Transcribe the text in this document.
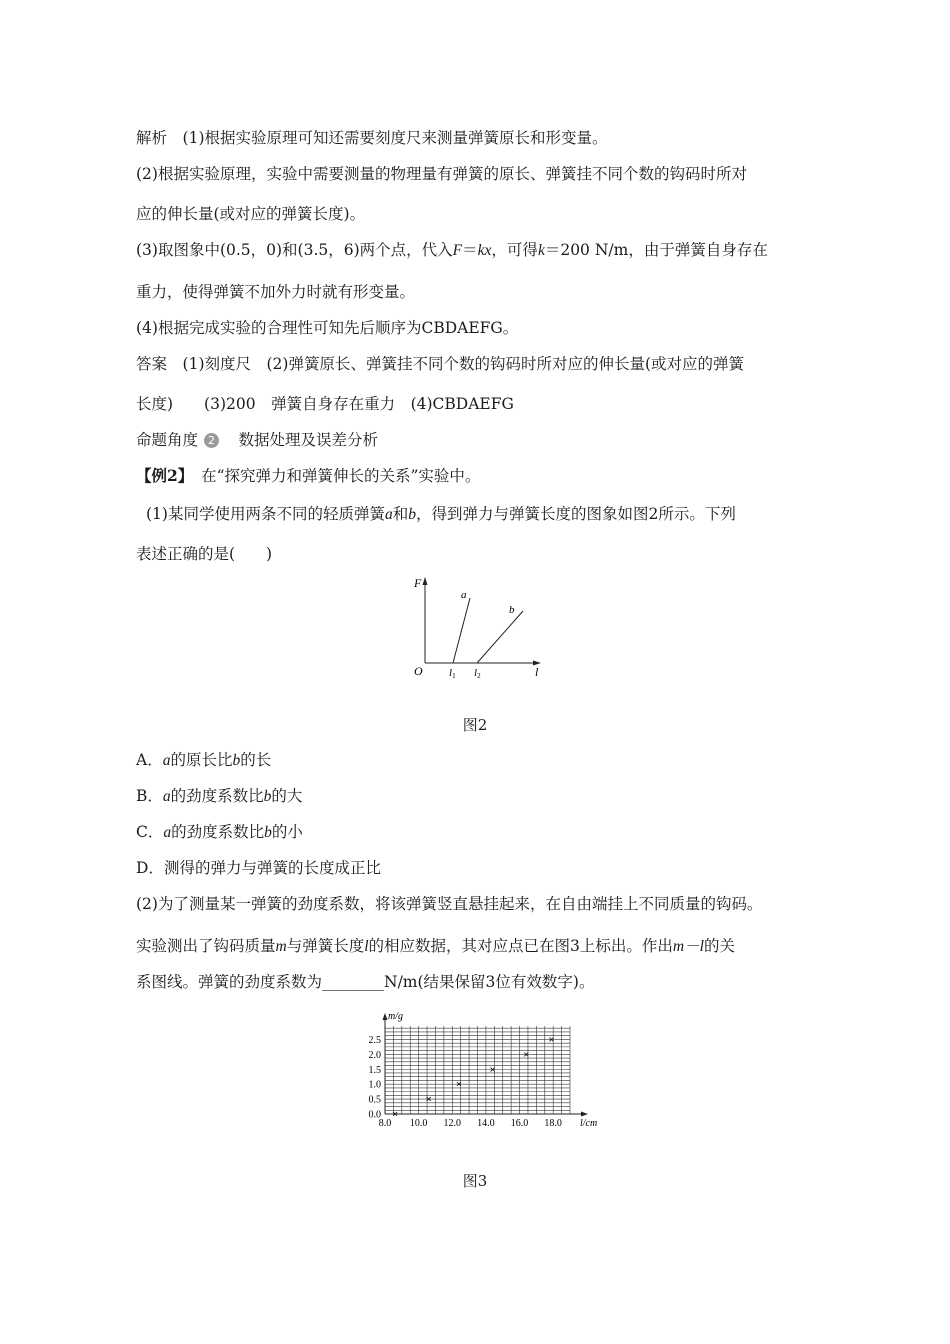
解析　 (1)根据实验原理可知还需要刻度尺来测量弹簧原长和形变量。
(2)根据实验原理，实验中需要测量的物理量有弹簧的原长、弹簧挂不同个数的钩码时所对
应的伸长量(或对应的弹簧长度)。
(3)取图象中(0.5，0)和(3.5，6)两个点，代入F＝kx，可得k＝200 N/m，由于弹簧自身存在
重力，使得弹簧不加外力时就有形变量。
(4)根据完成实验的合理性可知先后顺序为CBDAEFG。
答案　 (1)刻度尺　(2)弹簧原长、弹簧挂不同个数的钩码时所对应的伸长量(或对应的弹簧
长度)　　(3)200　弹簧自身存在重力　(4)CBDAEFG
命题角度 2　 数据处理及误差分析
【例2】　 在“探究弹力和弹簧伸长的关系”实验中。
(1)某同学使用两条不同的轻质弹簧a和b，得到弹力与弹簧长度的图象如图2所示。下列
表述正确的是(　　)
F
O	l
a
b
l1 l2
图2
A．a的原长比b的长
B．a的劲度系数比b的大
C．a的劲度系数比b的小
D．测得的弹力与弹簧的长度成正比
(2)为了测量某一弹簧的劲度系数，将该弹簧竖直悬挂起来，在自由端挂上不同质量的钩码。
实验测出了钩码质量m与弹簧长度l的相应数据，其对应点已在图3上标出。作出m－l的关
系图线。弹簧的劲度系数为________N/m(结果保留3位有效数字)。
8.0 10.0 12.0 14.0 16.0 18.0
0.0
0.5
1.0
1.5
2.0
2.5
m/g
l/cm
×
×
×
×
×
×
图3
